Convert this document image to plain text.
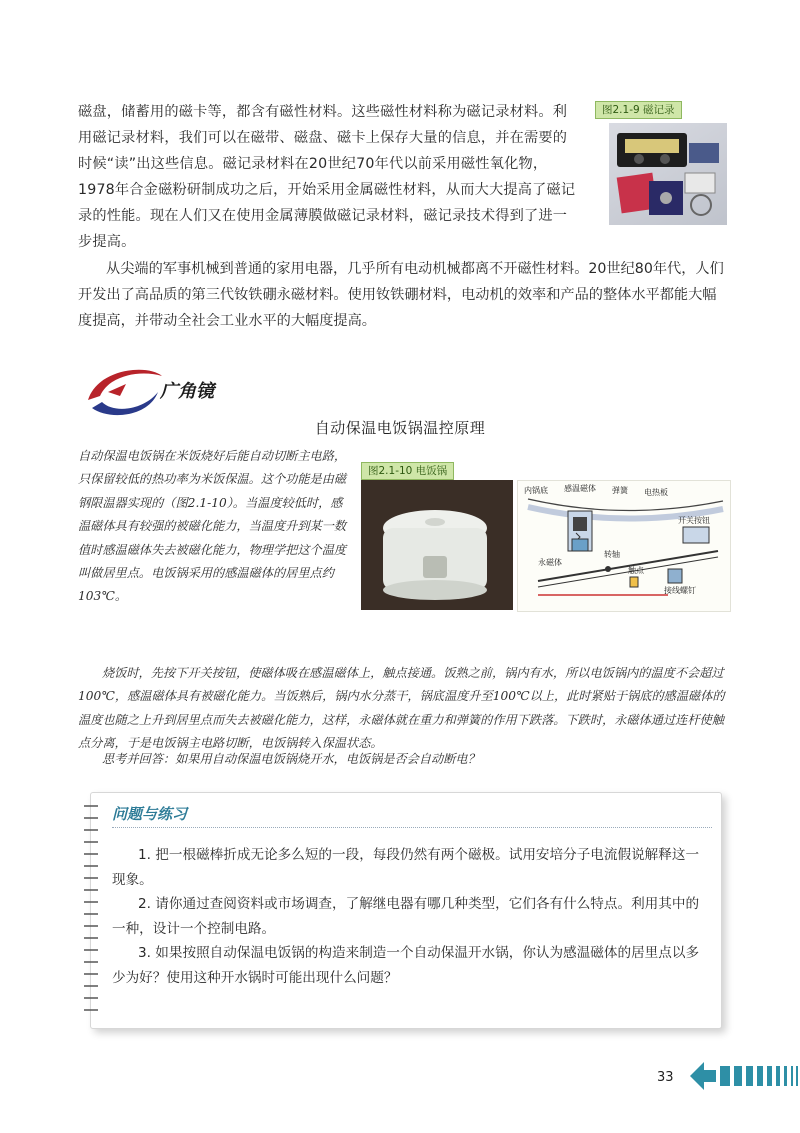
磁盘，储蓄用的磁卡等，都含有磁性材料。这些磁性材料称为磁记录材料。利用磁记录材料，我们可以在磁带、磁盘、磁卡上保存大量的信息，并在需要的时候“读”出这些信息。磁记录材料在20世纪70年代以前采用磁性氧化物，1978年合金磁粉研制成功之后，开始采用金属磁性材料，从而大大提高了磁记录的性能。现在人们又在使用金属薄膜做磁记录材料，磁记录技术得到了进一步提高。

图2.1-9 磁记录

从尖端的军事机械到普通的家用电器，几乎所有电动机械都离不开磁性材料。20世纪80年代，人们开发出了高品质的第三代钕铁硼永磁材料。使用钕铁硼材料，电动机的效率和产品的整体水平都能大幅度提高，并带动全社会工业水平的大幅度提高。

广角镜
自动保温电饭锅温控原理
自动保温电饭锅在米饭烧好后能自动切断主电路，只保留较低的热功率为米饭保温。这个功能是由磁钢限温器实现的（图2.1-10）。当温度较低时，感温磁体具有较强的被磁化能力，当温度升到某一数值时感温磁体失去被磁化能力，物理学把这个温度叫做居里点。电饭锅采用的感温磁体的居里点约103℃。
图2.1-10 电饭锅
内锅底 感温磁体 弹簧 电热板
开关按钮
转轴
永磁体
触点
接线螺钉
烧饭时，先按下开关按钮，使磁体吸在感温磁体上，触点接通。饭熟之前，锅内有水，所以电饭锅内的温度不会超过100℃，感温磁体具有被磁化能力。当饭熟后，锅内水分蒸干，锅底温度升至100℃以上，此时紧贴于锅底的感温磁体的温度也随之上升到居里点而失去被磁化能力，这样，永磁体就在重力和弹簧的作用下跌落。下跌时，永磁体通过连杆使触点分离，于是电饭锅主电路切断，电饭锅转入保温状态。
思考并回答：如果用自动保温电饭锅烧开水，电饭锅是否会自动断电？
问题与练习
1. 把一根磁棒折成无论多么短的一段，每段仍然有两个磁极。试用安培分子电流假说解释这一现象。
2. 请你通过查阅资料或市场调查，了解继电器有哪几种类型，它们各有什么特点。利用其中的一种，设计一个控制电路。
3. 如果按照自动保温电饭锅的构造来制造一个自动保温开水锅，你认为感温磁体的居里点以多少为好？使用这种开水锅时可能出现什么问题？
33
